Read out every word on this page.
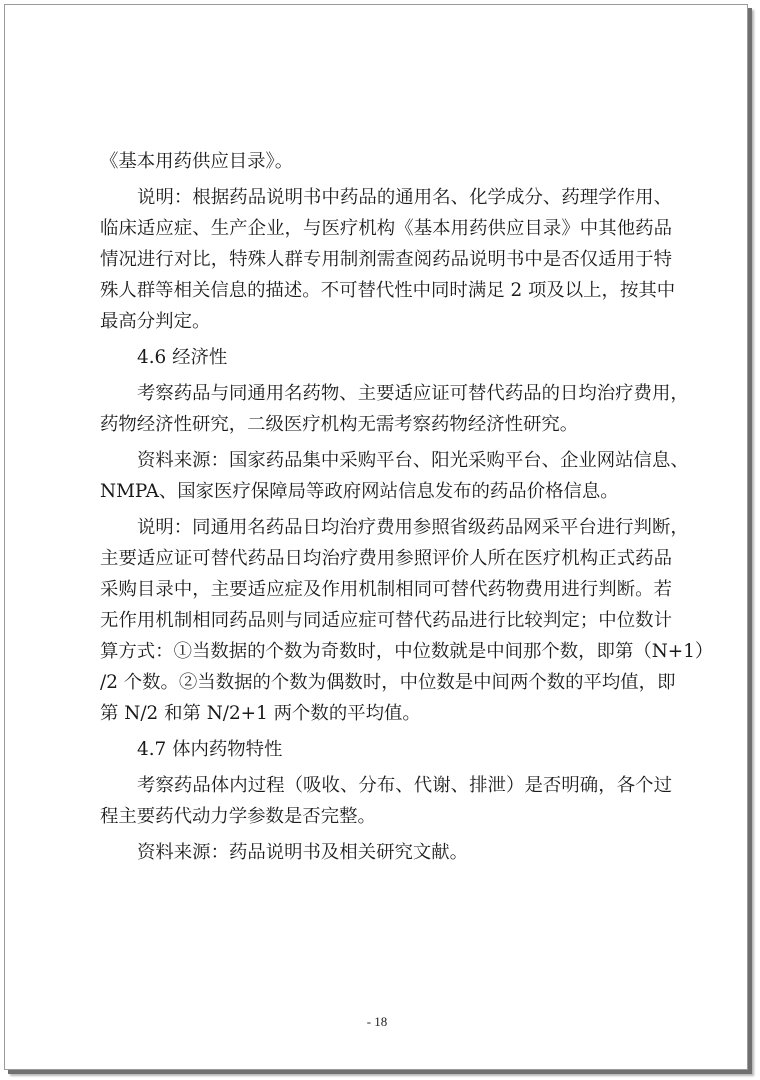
《基本用药供应目录》。
说明：根据药品说明书中药品的通用名、化学成分、药理学作用、
临床适应症、生产企业，与医疗机构《基本用药供应目录》中其他药品
情况进行对比，特殊人群专用制剂需查阅药品说明书中是否仅适用于特
殊人群等相关信息的描述。不可替代性中同时满足 2 项及以上，按其中
最高分判定。
4.6 经济性
考察药品与同通用名药物、主要适应证可替代药品的日均治疗费用，
药物经济性研究，二级医疗机构无需考察药物经济性研究。
资料来源：国家药品集中采购平台、阳光采购平台、企业网站信息、
NMPA、国家医疗保障局等政府网站信息发布的药品价格信息。
说明：同通用名药品日均治疗费用参照省级药品网采平台进行判断，
主要适应证可替代药品日均治疗费用参照评价人所在医疗机构正式药品
采购目录中，主要适应症及作用机制相同可替代药物费用进行判断。若
无作用机制相同药品则与同适应症可替代药品进行比较判定；中位数计
算方式：①当数据的个数为奇数时，中位数就是中间那个数，即第（N+1）
/2 个数。②当数据的个数为偶数时，中位数是中间两个数的平均值，即
第 N/2 和第 N/2+1 两个数的平均值。
4.7 体内药物特性
考察药品体内过程（吸收、分布、代谢、排泄）是否明确，各个过
程主要药代动力学参数是否完整。
资料来源：药品说明书及相关研究文献。
- 18
